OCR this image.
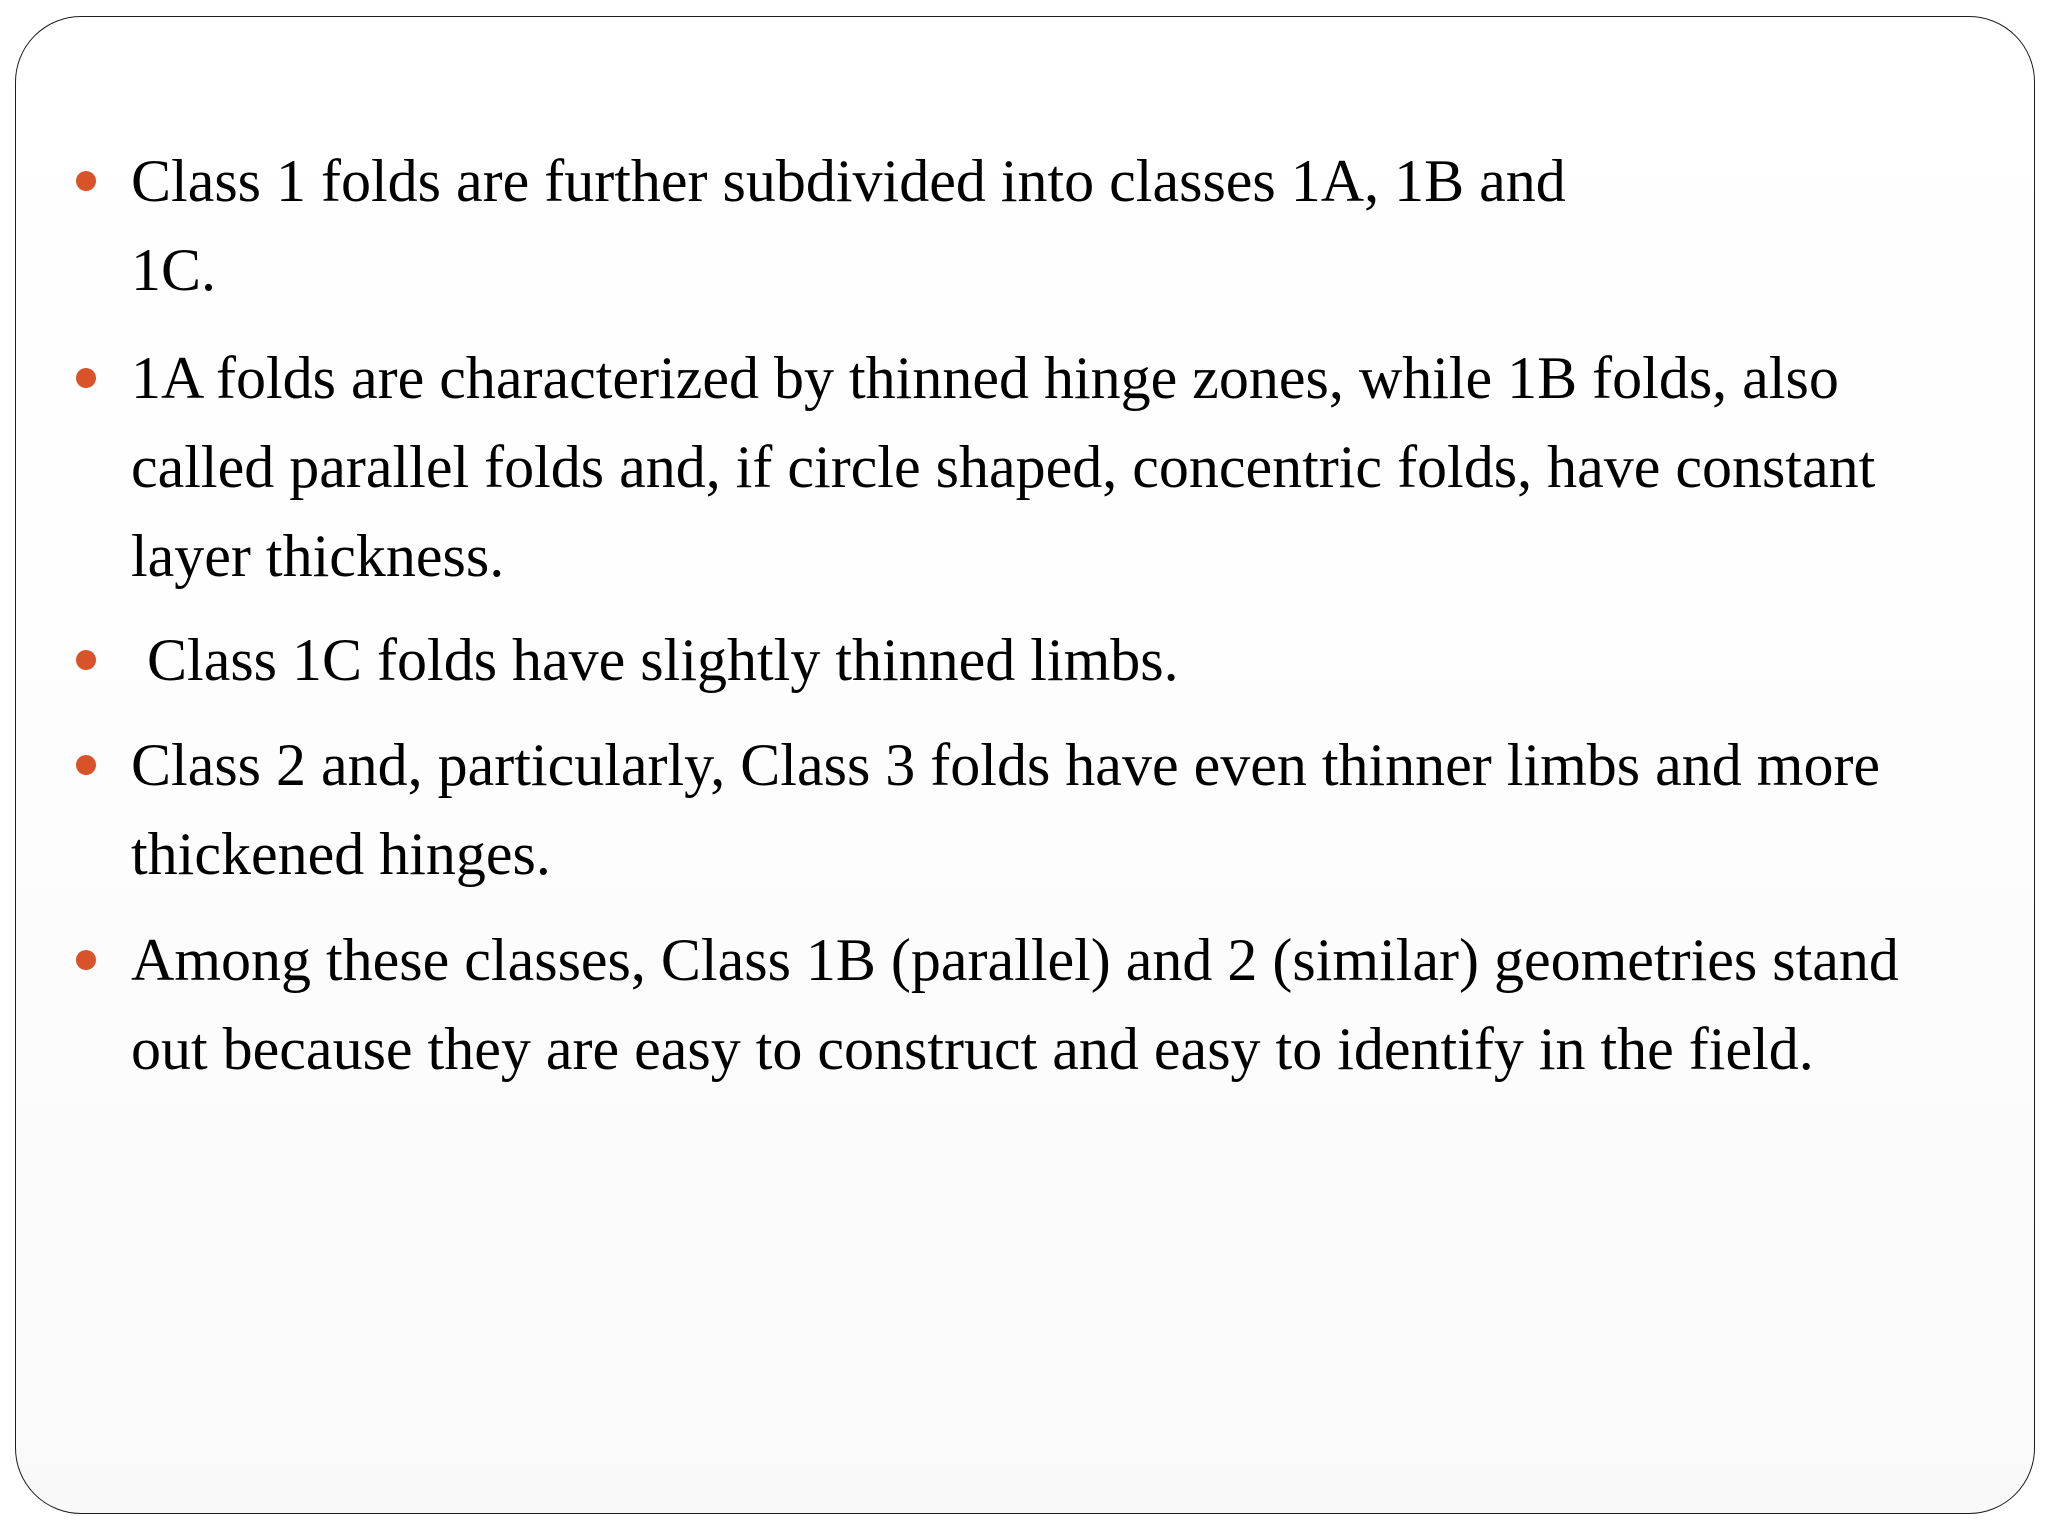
Class 1 folds are further subdivided into classes 1A, 1B and 1C.
1A folds are characterized by thinned hinge zones, while 1B folds, also called parallel folds and, if circle shaped, concentric folds, have constant layer thickness.
Class 1C folds have slightly thinned limbs.
Class 2 and, particularly, Class 3 folds have even thinner limbs and more thickened hinges.
Among these classes, Class 1B (parallel) and 2 (similar) geometries stand out because they are easy to construct and easy to identify in the field.
